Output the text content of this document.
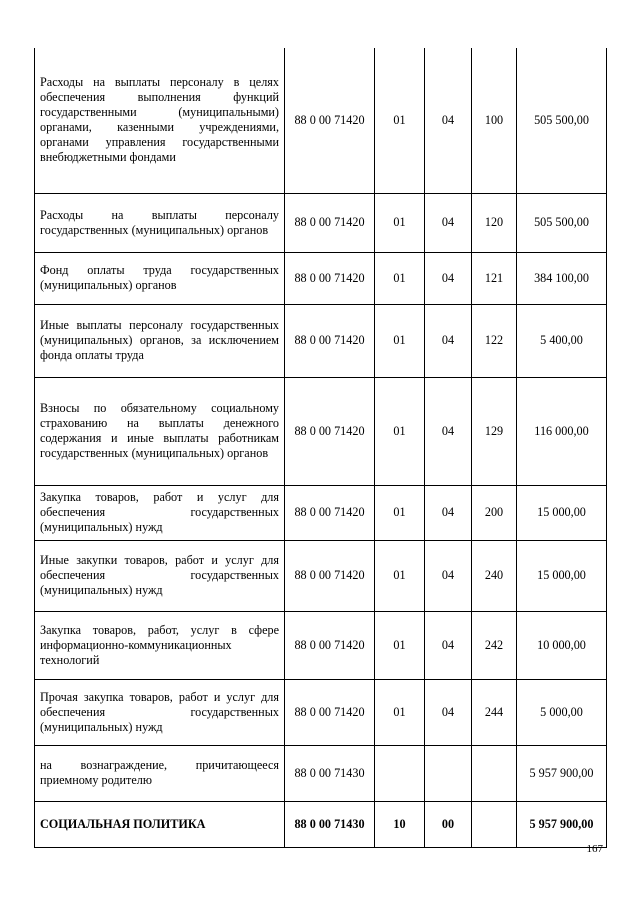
Расходы на выплаты персоналу в целях обеспечения выполнения функций государственными (муниципальными) органами, казенными учреждениями, органами управления государственными внебюджетными фондами	88 0 00 71420	01	04	100	505 500,00
Расходы на выплаты персоналу государственных (муниципальных) органов	88 0 00 71420	01	04	120	505 500,00
Фонд оплаты труда государственных (муниципальных) органов	88 0 00 71420	01	04	121	384 100,00
Иные выплаты персоналу государственных (муниципальных) органов, за исключением фонда оплаты труда	88 0 00 71420	01	04	122	5 400,00
Взносы по обязательному социальному страхованию на выплаты денежного содержания и иные выплаты работникам государственных (муниципальных) органов	88 0 00 71420	01	04	129	116 000,00
Закупка товаров, работ и услуг для обеспечения государственных (муниципальных) нужд	88 0 00 71420	01	04	200	15 000,00
Иные закупки товаров, работ и услуг для обеспечения государственных (муниципальных) нужд	88 0 00 71420	01	04	240	15 000,00
Закупка товаров, работ, услуг в сфере информационно-коммуникационных технологий	88 0 00 71420	01	04	242	10 000,00
Прочая закупка товаров, работ и услуг для обеспечения государственных (муниципальных) нужд	88 0 00 71420	01	04	244	5 000,00
на вознаграждение, причитающееся приемному родителю	88 0 00 71430				5 957 900,00
СОЦИАЛЬНАЯ ПОЛИТИКА	88 0 00 71430	10	00		5 957 900,00
167
